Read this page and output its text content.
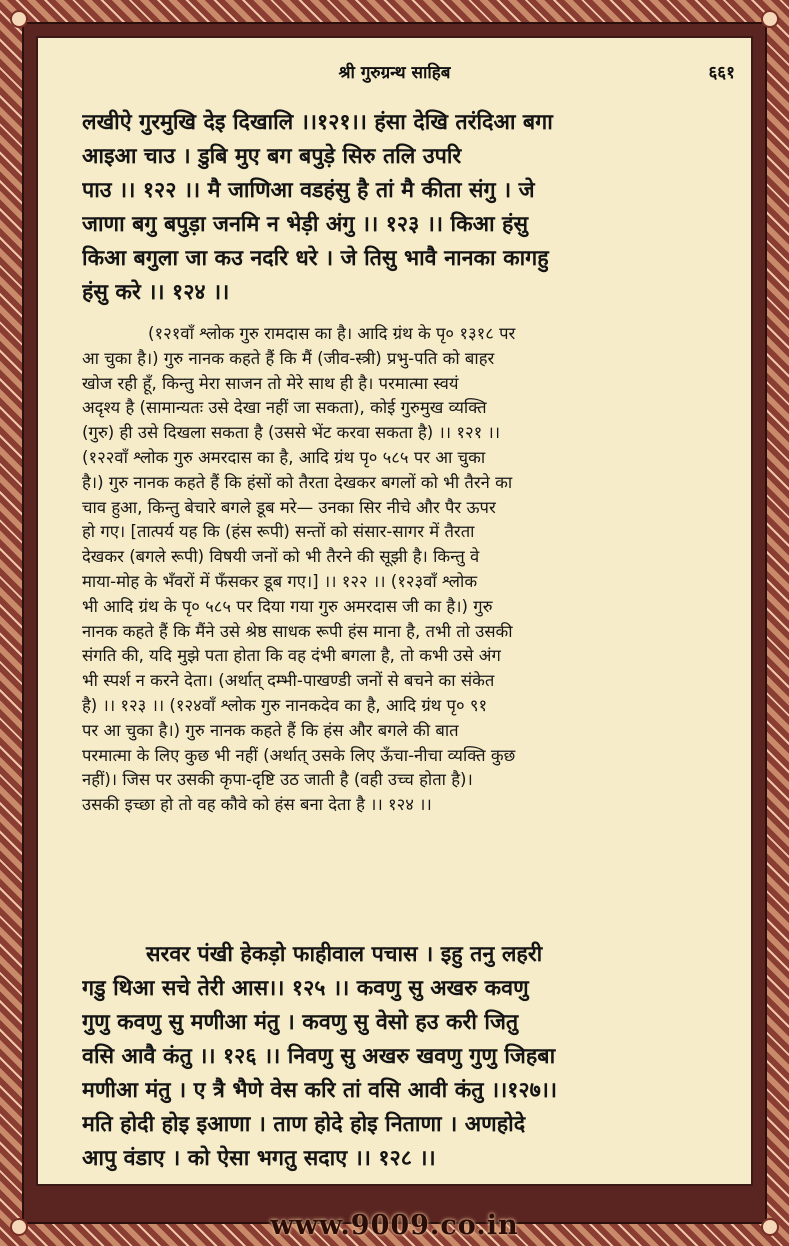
श्री गुरुग्रन्थ साहिब	६६१
लखीऐ गुरमुखि देइ दिखालि ।।१२१।। हंसा देखि तरंदिआ बगा
आइआ चाउ । डुबि मुए बग बपुड़े सिरु तलि उपरि
पाउ ।। १२२ ।। मै जाणिआ वडहंसु है तां मै कीता संगु । जे
जाणा बगु बपुड़ा जनमि न भेड़ी अंगु ।। १२३ ।। किआ हंसु
किआ बगुला जा कउ नदरि धरे । जे तिसु भावै नानका कागहु
हंसु करे ।। १२४ ।।
(१२१वाँ श्लोक गुरु रामदास का है। आदि ग्रंथ के पृ० १३१८ पर
आ चुका है।) गुरु नानक कहते हैं कि मैं (जीव-स्त्री) प्रभु-पति को बाहर
खोज रही हूँ, किन्तु मेरा साजन तो मेरे साथ ही है। परमात्मा स्वयं
अदृश्य है (सामान्यतः उसे देखा नहीं जा सकता), कोई गुरुमुख व्यक्ति
(गुरु) ही उसे दिखला सकता है (उससे भेंट करवा सकता है) ।। १२१ ।।
(१२२वाँ श्लोक गुरु अमरदास का है, आदि ग्रंथ पृ० ५८५ पर आ चुका
है।) गुरु नानक कहते हैं कि हंसों को तैरता देखकर बगलों को भी तैरने का
चाव हुआ, किन्तु बेचारे बगले डूब मरे— उनका सिर नीचे और पैर ऊपर
हो गए। [तात्पर्य यह कि (हंस रूपी) सन्तों को संसार-सागर में तैरता
देखकर (बगले रूपी) विषयी जनों को भी तैरने की सूझी है। किन्तु वे
माया-मोह के भँवरों में फँसकर डूब गए।] ।। १२२ ।। (१२३वाँ श्लोक
भी आदि ग्रंथ के पृ० ५८५ पर दिया गया गुरु अमरदास जी का है।) गुरु
नानक कहते हैं कि मैंने उसे श्रेष्ठ साधक रूपी हंस माना है, तभी तो उसकी
संगति की, यदि मुझे पता होता कि वह दंभी बगला है, तो कभी उसे अंग
भी स्पर्श न करने देता। (अर्थात् दम्भी-पाखण्डी जनों से बचने का संकेत
है) ।। १२३ ।। (१२४वाँ श्लोक गुरु नानकदेव का है, आदि ग्रंथ पृ० ९१
पर आ चुका है।) गुरु नानक कहते हैं कि हंस और बगले की बात
परमात्मा के लिए कुछ भी नहीं (अर्थात् उसके लिए ऊँचा-नीचा व्यक्ति कुछ
नहीं)। जिस पर उसकी कृपा-दृष्टि उठ जाती है (वही उच्च होता है)।
उसकी इच्छा हो तो वह कौवे को हंस बना देता है ।। १२४ ।।
सरवर पंखी हेकड़ो फाहीवाल पचास । इहु तनु लहरी
गडु थिआ सचे तेरी आस।। १२५ ।। कवणु सु अखरु कवणु
गुणु कवणु सु मणीआ मंतु । कवणु सु वेसो हउ करी जितु
वसि आवै कंतु ।। १२६ ।। निवणु सु अखरु खवणु गुणु जिहबा
मणीआ मंतु । ए त्रै भैणे वेस करि तां वसि आवी कंतु ।।१२७।।
मति होदी होइ इआणा । ताण होदे होइ निताणा । अणहोदे
आपु वंडाए । को ऐसा भगतु सदाए ।। १२८ ।।
www.9009.co.in
